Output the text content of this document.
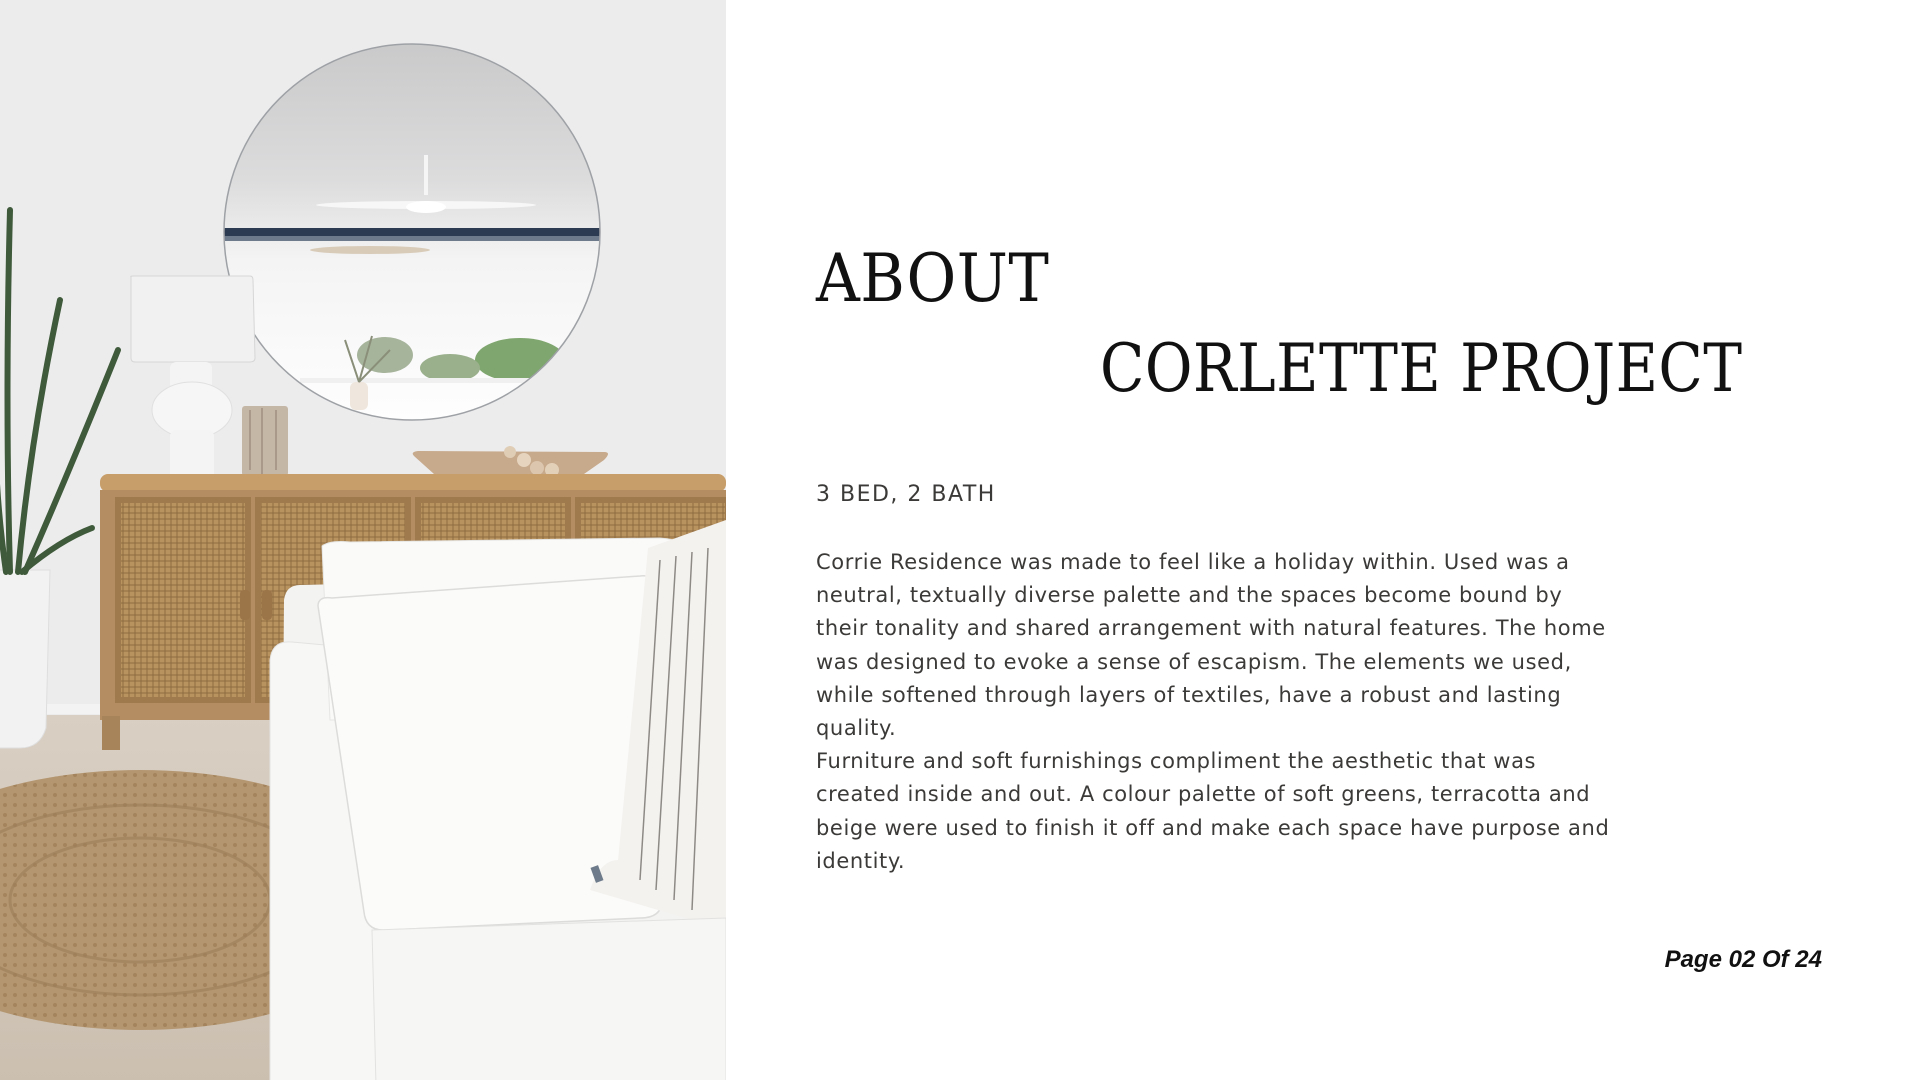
ABOUT
CORLETTE PROJECT
3 BED, 2 BATH

Corrie Residence was made to feel like a holiday within. Used was a neutral, textually diverse palette and the spaces become bound by their tonality and shared arrangement with natural features. The home was designed to evoke a sense of escapism. The elements we used, while softened through layers of textiles, have a robust and lasting quality.

Furniture and soft furnishings compliment the aesthetic that was created inside and out. A colour palette of soft greens, terracotta and beige were used to finish it off and make each space have purpose and identity.

Page 02 Of 24
